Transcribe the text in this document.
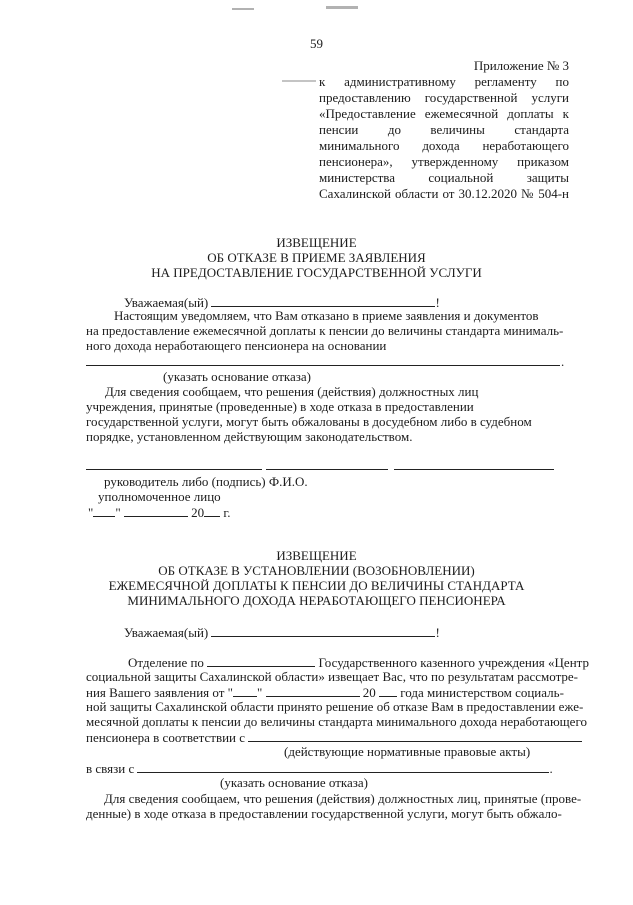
59
Приложение № 3
к административному регламенту по
предоставлению государственной услуги
«Предоставление ежемесячной доплаты к
пенсии до величины стандарта
минимального дохода неработающего
пенсионера», утвержденному приказом
министерства социальной защиты
Сахалинской области от 30.12.2020 № 504-н
ИЗВЕЩЕНИЕ
ОБ ОТКАЗЕ В ПРИЕМЕ ЗАЯВЛЕНИЯ
НА ПРЕДОСТАВЛЕНИЕ ГОСУДАРСТВЕННОЙ УСЛУГИ
Уважаемая(ый)	!
Настоящим уведомляем, что Вам отказано в приеме заявления и документов
на предоставление ежемесячной доплаты к пенсии до величины стандарта минималь-
ного дохода неработающего пенсионера на основании
.
(указать основание отказа)
Для сведения сообщаем, что решения (действия) должностных лиц
учреждения, принятые (проведенные) в ходе отказа в предоставлении
государственной услуги, могут быть обжалованы в досудебном либо в судебном
порядке, установленном действующим законодательством.
руководитель либо (подпись) Ф.И.О.
уполномоченное лицо
" "	20 г.
ИЗВЕЩЕНИЕ
ОБ ОТКАЗЕ В УСТАНОВЛЕНИИ (ВОЗОБНОВЛЕНИИ)
ЕЖЕМЕСЯЧНОЙ ДОПЛАТЫ К ПЕНСИИ ДО ВЕЛИЧИНЫ СТАНДАРТА
МИНИМАЛЬНОГО ДОХОДА НЕРАБОТАЮЩЕГО ПЕНСИОНЕРА
Уважаемая(ый)	!
Отделение по	Государственного казенного учреждения «Центр
социальной защиты Сахалинской области» извещает Вас, что по результатам рассмотре-
ния Вашего заявления от " "	20 года министерством социаль-
ной защиты Сахалинской области принято решение об отказе Вам в предоставлении еже-
месячной доплаты к пенсии до величины стандарта минимального дохода неработающего
пенсионера в соответствии с
(действующие нормативные правовые акты)
в связи с	.
(указать основание отказа)
Для сведения сообщаем, что решения (действия) должностных лиц, принятые (прове-
денные) в ходе отказа в предоставлении государственной услуги, могут быть обжало-
